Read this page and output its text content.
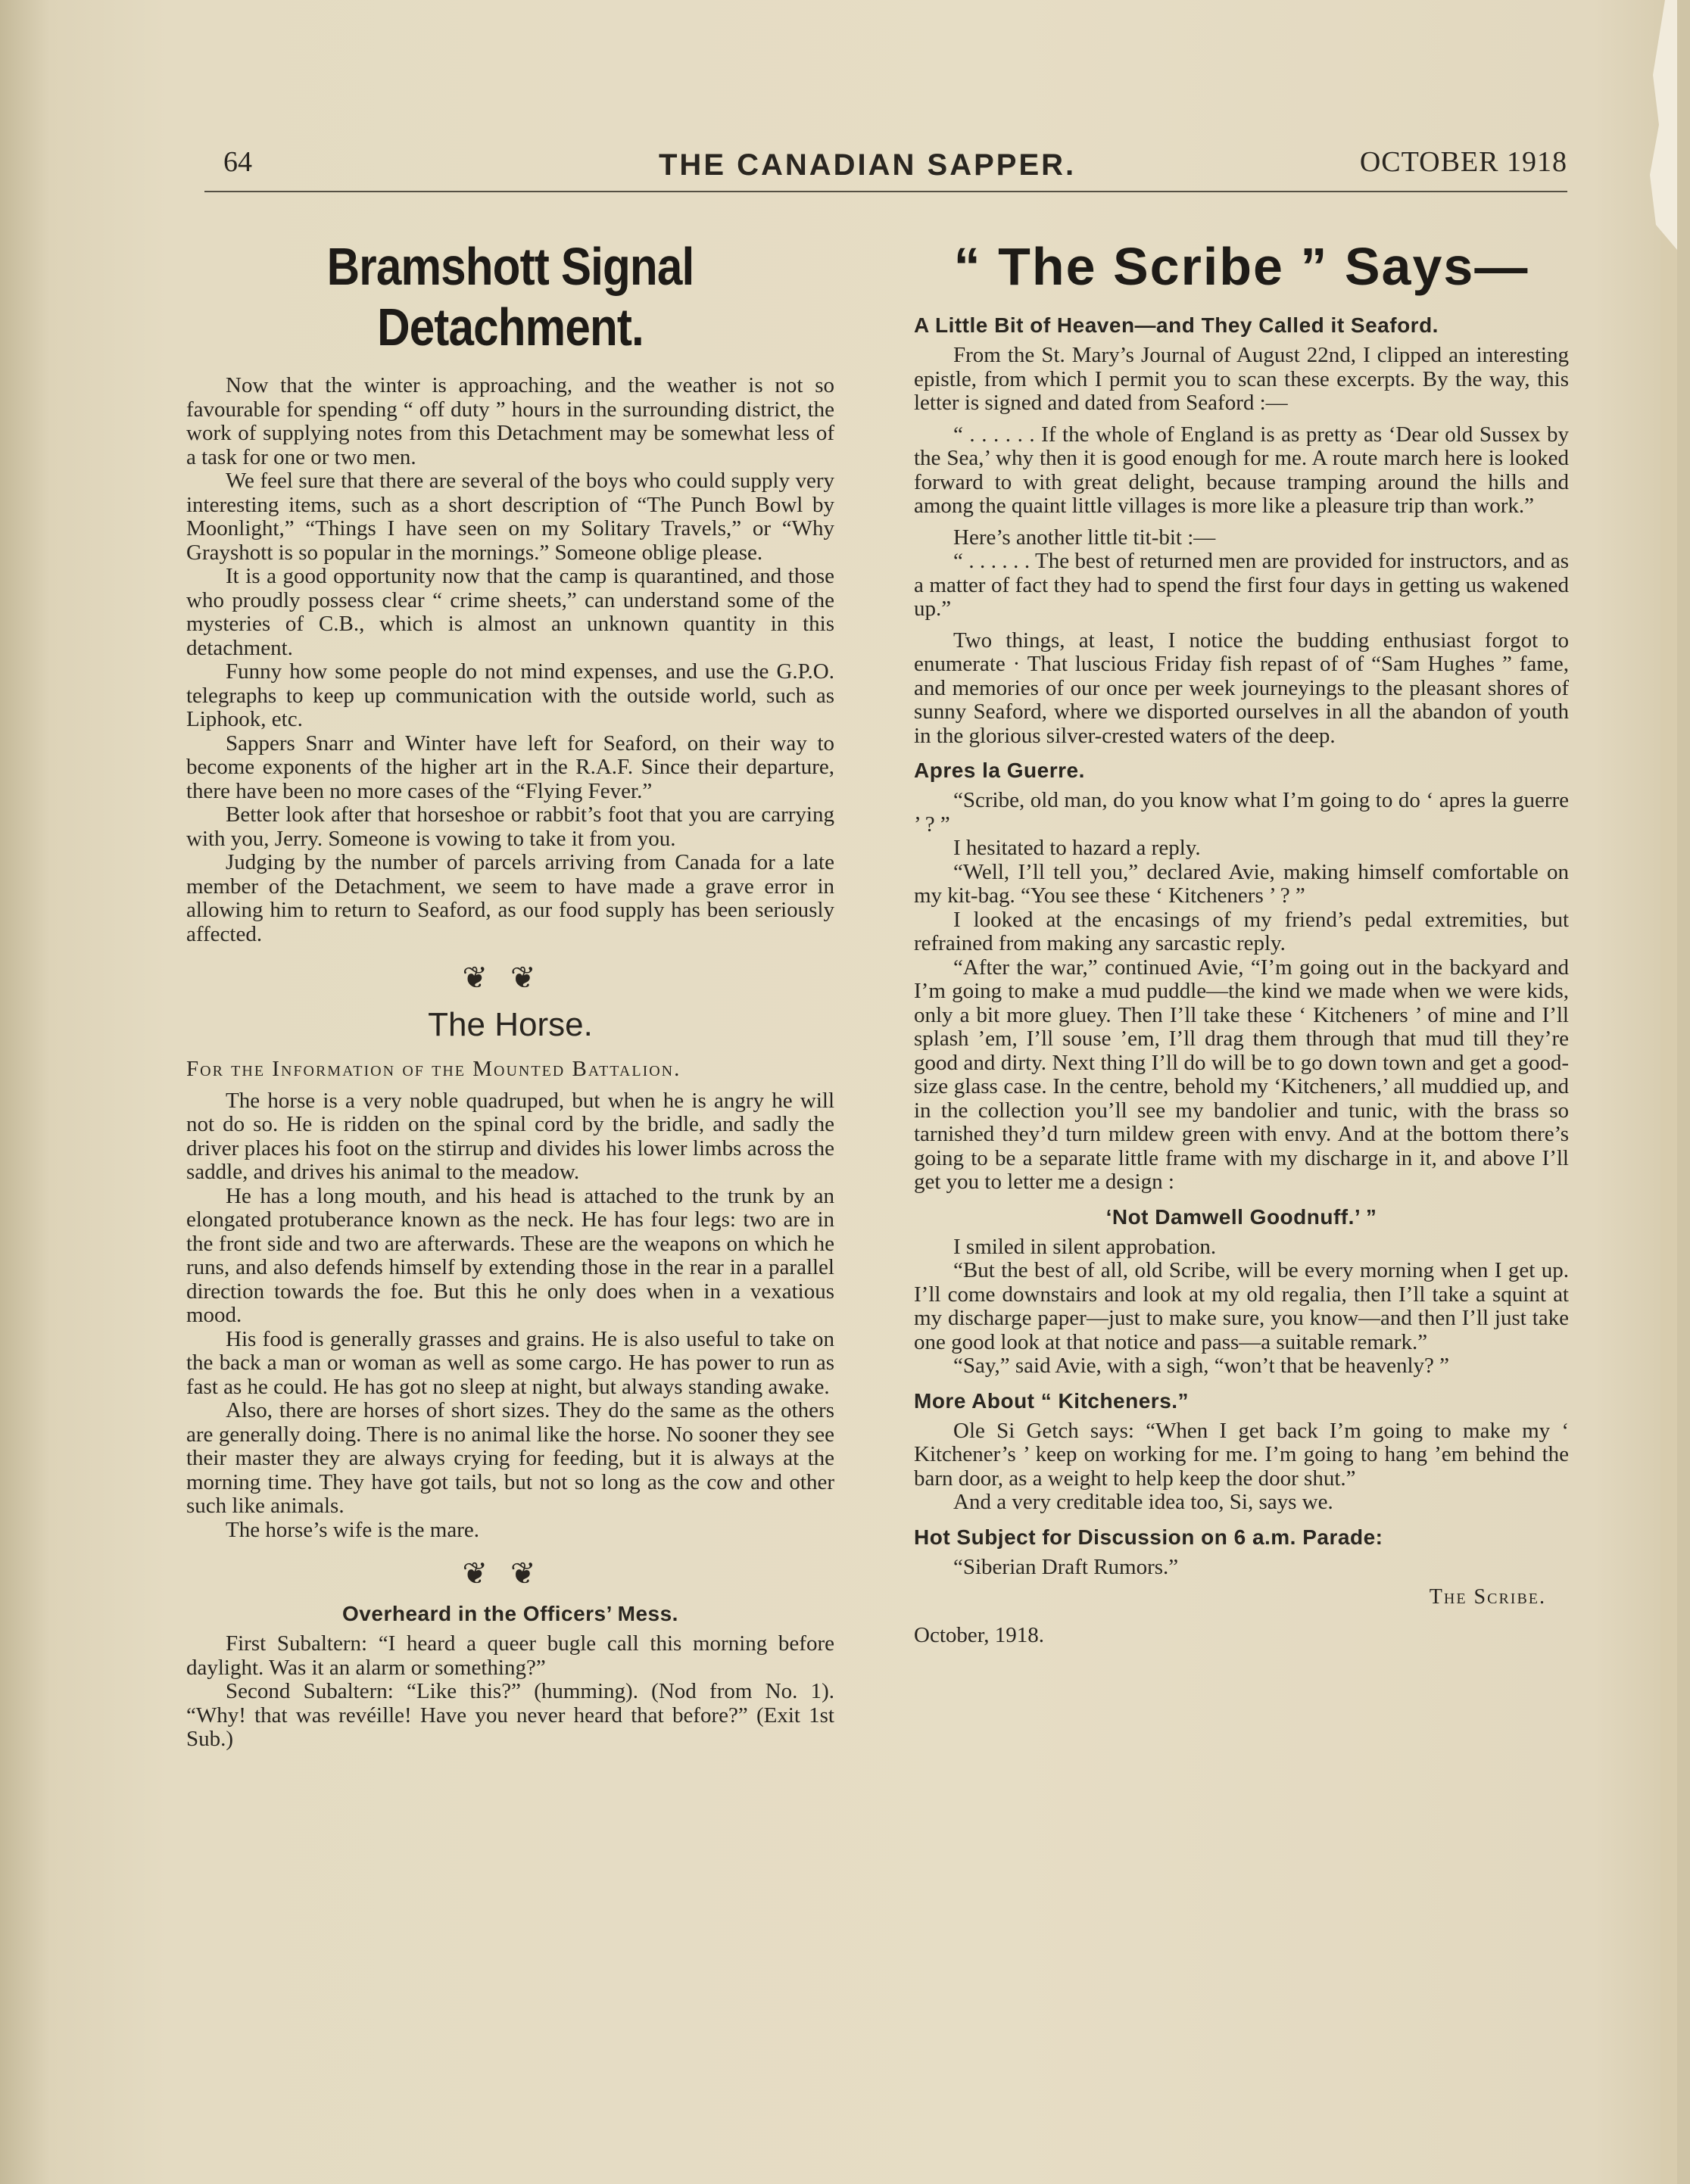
64	THE CANADIAN SAPPER.	OCTOBER 1918
Bramshott Signal Detachment.

Now that the winter is approaching, and the weather is not so favourable for spending “ off duty ” hours in the surrounding district, the work of supplying notes from this Detachment may be somewhat less of a task for one or two men.

We feel sure that there are several of the boys who could supply very interesting items, such as a short description of “The Punch Bowl by Moonlight,” “Things I have seen on my Solitary Travels,” or “Why Grayshott is so popular in the mornings.” Someone oblige please.

It is a good opportunity now that the camp is quarantined, and those who proudly possess clear “ crime sheets,” can understand some of the mysteries of C.B., which is almost an unknown quantity in this detachment.

Funny how some people do not mind expenses, and use the G.P.O. telegraphs to keep up communication with the outside world, such as Liphook, etc.

Sappers Snarr and Winter have left for Seaford, on their way to become exponents of the higher art in the R.A.F. Since their departure, there have been no more cases of the “Flying Fever.”

Better look after that horseshoe or rabbit’s foot that you are carrying with you, Jerry. Someone is vowing to take it from you.

Judging by the number of parcels arriving from Canada for a late member of the Detachment, we seem to have made a grave error in allowing him to return to Seaford, as our food supply has been seriously affected.

❦❦
The Horse.

For the Information of the Mounted Battalion.

The horse is a very noble quadruped, but when he is angry he will not do so. He is ridden on the spinal cord by the bridle, and sadly the driver places his foot on the stirrup and divides his lower limbs across the saddle, and drives his animal to the meadow.

He has a long mouth, and his head is attached to the trunk by an elongated protuberance known as the neck. He has four legs: two are in the front side and two are afterwards. These are the weapons on which he runs, and also defends himself by extending those in the rear in a parallel direction towards the foe. But this he only does when in a vexatious mood.

His food is generally grasses and grains. He is also useful to take on the back a man or woman as well as some cargo. He has power to run as fast as he could. He has got no sleep at night, but always standing awake.

Also, there are horses of short sizes. They do the same as the others are generally doing. There is no animal like the horse. No sooner they see their master they are always crying for feeding, but it is always at the morning time. They have got tails, but not so long as the cow and other such like animals.

The horse’s wife is the mare.

❦❦
Overheard in the Officers’ Mess.

First Subaltern: “I heard a queer bugle call this morning before daylight. Was it an alarm or something?”

Second Subaltern: “Like this?” (humming). (Nod from No. 1). “Why! that was revéille! Have you never heard that before?” (Exit 1st Sub.)

“ The Scribe ” Says—
A Little Bit of Heaven—and They Called it Seaford.

From the St. Mary’s Journal of August 22nd, I clipped an interesting epistle, from which I permit you to scan these excerpts. By the way, this letter is signed and dated from Seaford :—

“ . . . . . . If the whole of England is as pretty as ‘Dear old Sussex by the Sea,’ why then it is good enough for me. A route march here is looked forward to with great delight, because tramping around the hills and among the quaint little villages is more like a pleasure trip than work.”

Here’s another little tit-bit :—

“ . . . . . . The best of returned men are provided for instructors, and as a matter of fact they had to spend the first four days in getting us wakened up.”

Two things, at least, I notice the budding enthusiast forgot to enumerate · That luscious Friday fish repast of of “Sam Hughes ” fame, and memories of our once per week journeyings to the pleasant shores of sunny Seaford, where we disported ourselves in all the abandon of youth in the glorious silver-crested waters of the deep.

Apres la Guerre.

“Scribe, old man, do you know what I’m going to do ‘ apres la guerre ’ ? ”

I hesitated to hazard a reply.

“Well, I’ll tell you,” declared Avie, making himself comfortable on my kit-bag. “You see these ‘ Kitcheners ’ ? ”

I looked at the encasings of my friend’s pedal extremities, but refrained from making any sarcastic reply.

“After the war,” continued Avie, “I’m going out in the backyard and I’m going to make a mud puddle—the kind we made when we were kids, only a bit more gluey. Then I’ll take these ‘ Kitcheners ’ of mine and I’ll splash ’em, I’ll souse ’em, I’ll drag them through that mud till they’re good and dirty. Next thing I’ll do will be to go down town and get a good-size glass case. In the centre, behold my ‘Kitcheners,’ all muddied up, and in the collection you’ll see my bandolier and tunic, with the brass so tarnished they’d turn mildew green with envy. And at the bottom there’s going to be a separate little frame with my discharge in it, and above I’ll get you to letter me a design :

‘Not Damwell Goodnuff.’ ”

I smiled in silent approbation.

“But the best of all, old Scribe, will be every morning when I get up. I’ll come downstairs and look at my old regalia, then I’ll take a squint at my discharge paper—just to make sure, you know—and then I’ll just take one good look at that notice and pass—a suitable remark.”

“Say,” said Avie, with a sigh, “won’t that be heavenly? ”

More About “ Kitcheners.”

Ole Si Getch says: “When I get back I’m going to make my ‘ Kitchener’s ’ keep on working for me. I’m going to hang ’em behind the barn door, as a weight to help keep the door shut.”

And a very creditable idea too, Si, says we.

Hot Subject for Discussion on 6 a.m. Parade:

“Siberian Draft Rumors.”

The Scribe.
October, 1918.
